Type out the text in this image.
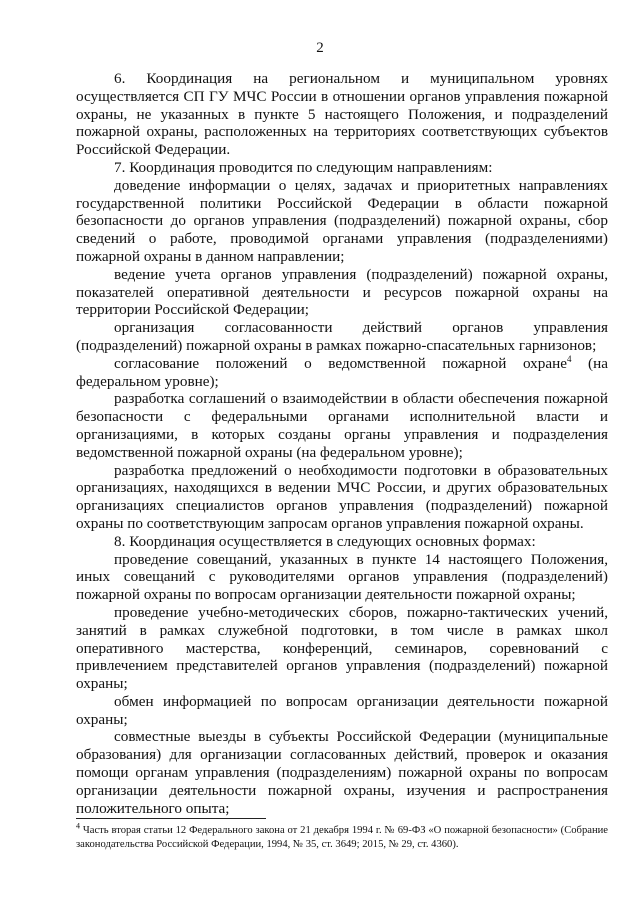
2

6. Координация на региональном и муниципальном уровнях осуществляется СП ГУ МЧС России в отношении органов управления пожарной охраны, не указанных в пункте 5 настоящего Положения, и подразделений пожарной охраны, расположенных на территориях соответствующих субъектов Российской Федерации.

7. Координация проводится по следующим направлениям:

доведение информации о целях, задачах и приоритетных направлениях государственной политики Российской Федерации в области пожарной безопасности до органов управления (подразделений) пожарной охраны, сбор сведений о работе, проводимой органами управления (подразделениями) пожарной охраны в данном направлении;

ведение учета органов управления (подразделений) пожарной охраны, показателей оперативной деятельности и ресурсов пожарной охраны на территории Российской Федерации;

организация согласованности действий органов управления (подразделений) пожарной охраны в рамках пожарно-спасательных гарнизонов;

согласование положений о ведомственной пожарной охране$^4$ (на федеральном уровне);

разработка соглашений о взаимодействии в области обеспечения пожарной безопасности с федеральными органами исполнительной власти и организациями, в которых созданы органы управления и подразделения ведомственной пожарной охраны (на федеральном уровне);

разработка предложений о необходимости подготовки в образовательных организациях, находящихся в ведении МЧС России, и других образовательных организациях специалистов органов управления (подразделений) пожарной охраны по соответствующим запросам органов управления пожарной охраны.

8. Координация осуществляется в следующих основных формах:

проведение совещаний, указанных в пункте 14 настоящего Положения, иных совещаний с руководителями органов управления (подразделений) пожарной охраны по вопросам организации деятельности пожарной охраны;

проведение учебно-методических сборов, пожарно-тактических учений, занятий в рамках служебной подготовки, в том числе в рамках школ оперативного мастерства, конференций, семинаров, соревнований с привлечением представителей органов управления (подразделений) пожарной охраны;

обмен информацией по вопросам организации деятельности пожарной охраны;

совместные выезды в субъекты Российской Федерации (муниципальные образования) для организации согласованных действий, проверок и оказания помощи органам управления (подразделениям) пожарной охраны по вопросам организации деятельности пожарной охраны, изучения и распространения положительного опыта;

$^4$ Часть вторая статьи 12 Федерального закона от 21 декабря 1994 г. № 69-ФЗ «О пожарной безопасности» (Собрание законодательства Российской Федерации, 1994, № 35, ст. 3649; 2015, № 29, ст. 4360).
